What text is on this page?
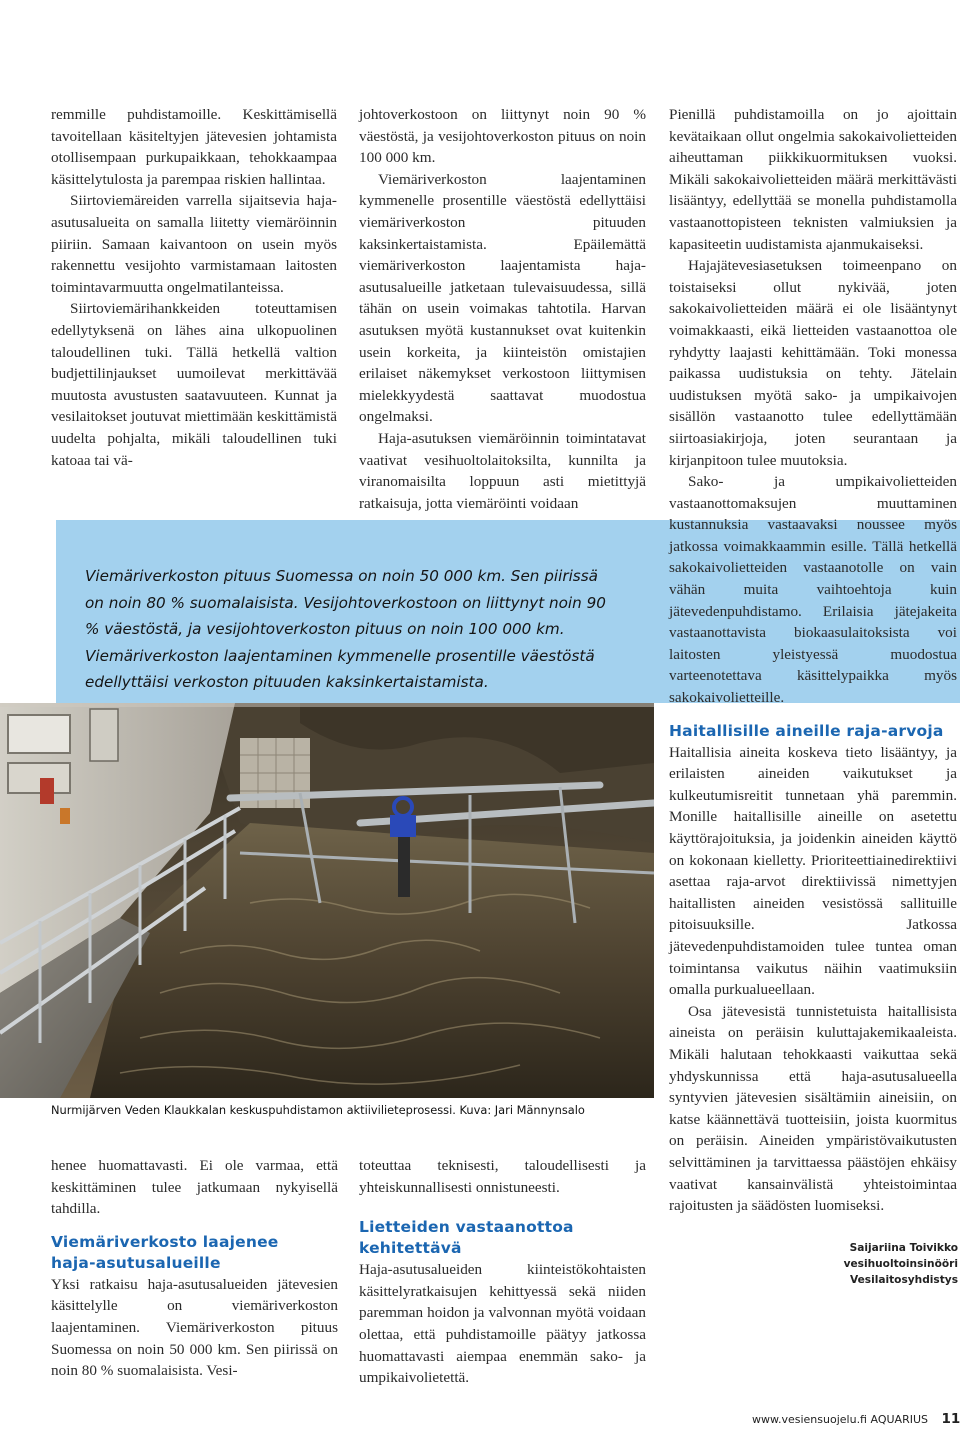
remmille puhdistamoille. Keskittämisellä tavoitellaan käsiteltyjen jätevesien johtamista otollisempaan purkupaikkaan, tehokkaampaa käsittelytulosta ja parempaa riskien hallintaa.

Siirtoviemäreiden varrella sijaitsevia haja-asutusalueita on samalla liitetty viemäröinnin piiriin. Samaan kaivantoon on usein myös rakennettu vesijohto varmistamaan laitosten toimintavarmuutta ongelmatilanteissa.

Siirtoviemärihankkeiden toteuttamisen edellytyksenä on lähes aina ulkopuolinen taloudellinen tuki. Tällä hetkellä valtion budjettilinjaukset uumoilevat merkittävää muutosta avustusten saatavuuteen. Kunnat ja vesilaitokset joutuvat miettimään keskittämistä uudelta pohjalta, mikäli taloudellinen tuki katoaa tai vä-

johtoverkostoon on liittynyt noin 90 % väestöstä, ja vesijohtoverkoston pituus on noin 100 000 km.

Viemäriverkoston laajentaminen kymmenelle prosentille väestöstä edellyttäisi viemäriverkoston pituuden kaksinkertaistamista. Epäilemättä viemäriverkoston laajentamista haja-asutusalueille jatketaan tulevaisuudessa, sillä tähän on usein voimakas tahtotila. Harvan asutuksen myötä kustannukset ovat kuitenkin usein korkeita, ja kiinteistön omistajien erilaiset näkemykset verkostoon liittymisen mielekkyydestä saattavat muodostua ongelmaksi.

Haja-asutuksen viemäröinnin toimintatavat vaativat vesihuoltolaitoksilta, kunnilta ja viranomaisilta loppuun asti mietittyjä ratkaisuja, jotta viemäröinti voidaan

Viemäriverkoston pituus Suomessa on noin 50 000 km. Sen piirissä on noin 80 % suomalaisista. Vesijohtoverkostoon on liittynyt noin 90 % väestöstä, ja vesijohtoverkoston pituus on noin 100 000 km. Viemäriverkoston laajentaminen kymmenelle prosentille väestöstä edellyttäisi verkoston pituuden kaksinkertaistamista.
Nurmijärven Veden Klaukkalan keskuspuhdistamon aktiivilieteprosessi. Kuva: Jari Männynsalo

Pienillä puhdistamoilla on jo ajoittain kevätaikaan ollut ongelmia sakokaivolietteiden aiheuttaman piikkikuormituksen vuoksi. Mikäli sakokaivolietteiden määrä merkittävästi lisääntyy, edellyttää se monella puhdistamolla vastaanottopisteen teknisten valmiuksien ja kapasiteetin uudistamista ajanmukaiseksi.

Hajajätevesiasetuksen toimeenpano on toistaiseksi ollut nykivää, joten sakokaivolietteiden määrä ei ole lisääntynyt voimakkaasti, eikä lietteiden vastaanottoa ole ryhdytty laajasti kehittämään. Toki monessa paikassa uudistuksia on tehty. Jätelain uudistuksen myötä sako- ja umpikaivojen sisällön vastaanotto tulee edellyttämään siirtoasiakirjoja, joten seurantaan ja kirjanpitoon tulee muutoksia.

Sako- ja umpikaivolietteiden vastaanottomaksujen muuttaminen kustannuksia vastaavaksi noussee myös jatkossa voimakkaammin esille. Tällä hetkellä sakokaivolietteiden vastaanotolle on vain vähän muita vaihtoehtoja kuin jätevedenpuhdistamo. Erilaisia jätejakeita vastaanottavista biokaasulaitoksista voi laitosten yleistyessä muodostua varteenotettava käsittelypaikka myös sakokaivolietteille.

Haitallisille aineille raja-arvoja

Haitallisia aineita koskeva tieto lisääntyy, ja erilaisten aineiden vaikutukset ja kulkeutumisreitit tunnetaan yhä paremmin. Monille haitallisille aineille on asetettu käyttörajoituksia, ja joidenkin aineiden käyttö on kokonaan kielletty. Prioriteettiainedirektiivi asettaa raja-arvot direktiivissä nimettyjen haitallisten aineiden vesistössä sallituille pitoisuuksille. Jatkossa jätevedenpuhdistamoiden tulee tuntea oman toimintansa vaikutus näihin vaatimuksiin omalla purkualueellaan.

Osa jätevesistä tunnistetuista haitallisista aineista on peräisin kuluttajakemikaaleista. Mikäli halutaan tehokkaasti vaikuttaa sekä yhdyskunnissa että haja-asutusalueella syntyvien jätevesien sisältämiin aineisiin, on katse käännettävä tuotteisiin, joista kuormitus on peräisin. Aineiden ympäristövaikutusten selvittäminen ja tarvittaessa päästöjen ehkäisy vaativat kansainvälistä yhteistoimintaa rajoitusten ja säädösten luomiseksi.

henee huomattavasti. Ei ole varmaa, että keskittäminen tulee jatkumaan nykyisellä tahdilla.

Viemäriverkosto laajenee
haja-asutusalueille

Yksi ratkaisu haja-asutusalueiden jätevesien käsittelylle on viemäriverkoston laajentaminen. Viemäriverkoston pituus Suomessa on noin 50 000 km. Sen piirissä on noin 80 % suomalaisista. Vesi-

toteuttaa teknisesti, taloudellisesti ja yhteiskunnallisesti onnistuneesti.

Lietteiden vastaanottoa
kehitettävä

Haja-asutusalueiden kiinteistökohtaisten käsittelyratkaisujen kehittyessä sekä niiden paremman hoidon ja valvonnan myötä voidaan olettaa, että puhdistamoille päätyy jatkossa huomattavasti aiempaa enemmän sako- ja umpikaivolietettä.

Saijariina Toivikko
vesihuoltoinsinööri
Vesilaitosyhdistys
www.vesiensuojelu.fi AQUARIUS 11
